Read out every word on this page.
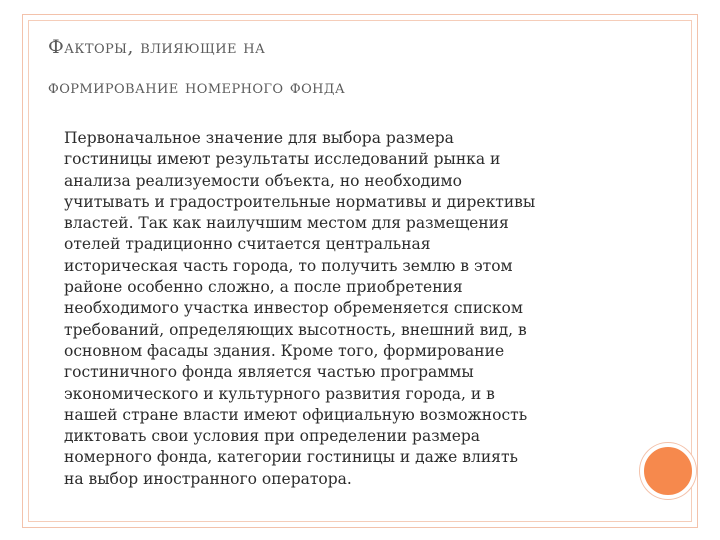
Факторы, влияющие на
формирование номерного фонда

Первоначальное значение для выбора размера
гостиницы имеют результаты исследований рынка и
анализа реализуемости объекта, но необходимо
учитывать и градостроительные нормативы и директивы
властей. Так как наилучшим местом для размещения
отелей традиционно считается центральная
историческая часть города, то получить землю в этом
районе особенно сложно, а после приобретения
необходимого участка инвестор обременяется списком
требований, определяющих высотность, внешний вид, в
основном фасады здания. Кроме того, формирование
гостиничного фонда является частью программы
экономического и культурного развития города, и в
нашей стране власти имеют официальную возможность
диктовать свои условия при определении размера
номерного фонда, категории гостиницы и даже влиять
на выбор иностранного оператора.
